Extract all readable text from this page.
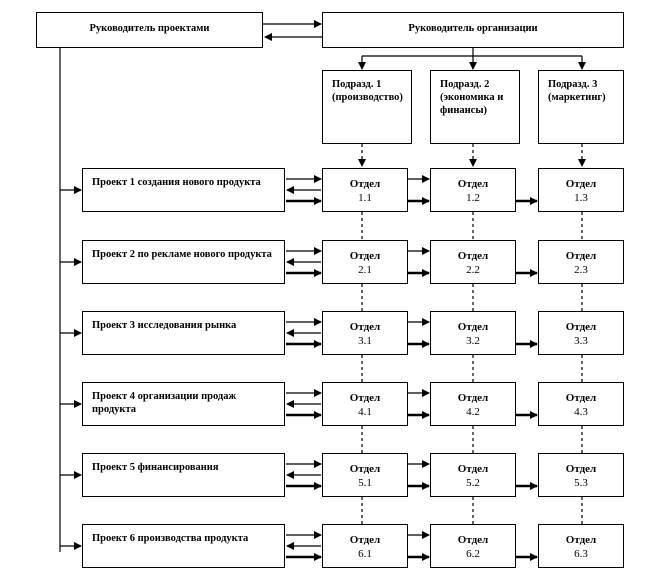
Руководитель проектами	Руководитель организации
Подразд. 1 (производство)
Подразд. 2 (экономика и финансы)
Подразд. 3 (маркетинг)
Проект 1 создания нового продукта	Отдел
1.1
Отдел
1.2
Отдел
1.3
Проект 2 по рекламе нового продукта	Отдел
2.1
Отдел
2.2
Отдел
2.3
Проект 3 исследования рынка	Отдел
3.1
Отдел
3.2
Отдел
3.3
Проект 4 организации продаж продукта
Отдел
4.1
Отдел
4.2
Отдел
4.3
Проект 5 финансирования	Отдел
5.1
Отдел
5.2
Отдел
5.3
Проект 6 производства продукта	Отдел
6.1
Отдел
6.2
Отдел
6.3
